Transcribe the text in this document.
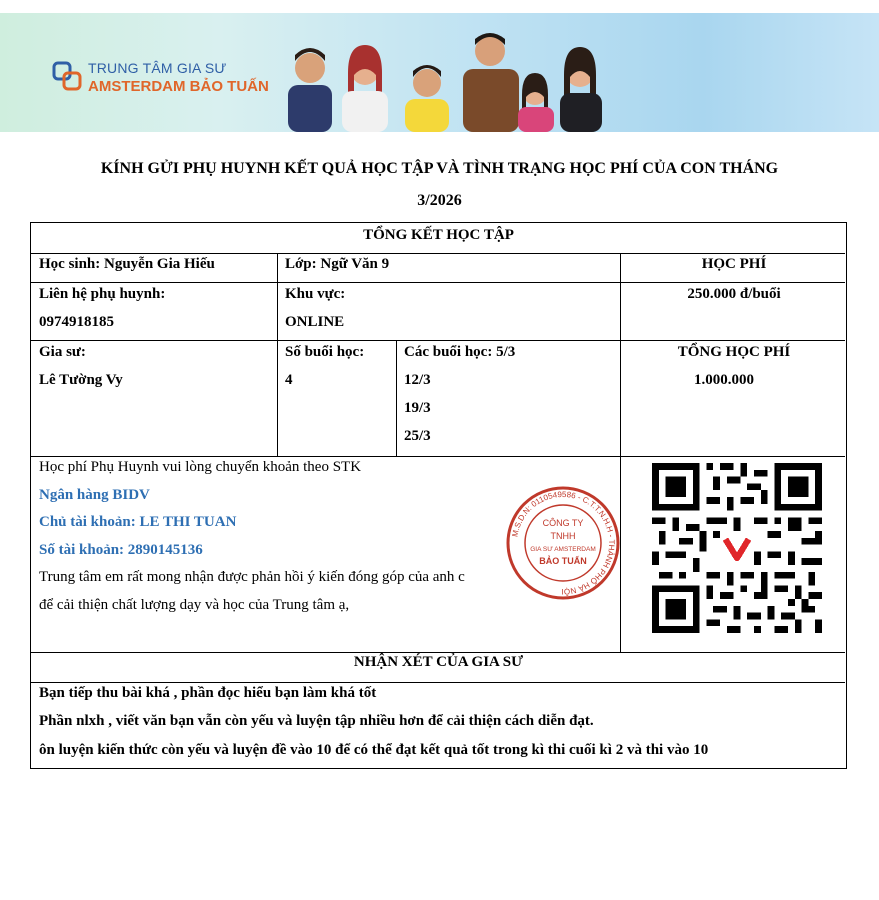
TRUNG TÂM GIA SƯ
AMSTERDAM BẢO TUẤN
KÍNH GỬI PHỤ HUYNH KẾT QUẢ HỌC TẬP VÀ TÌNH TRẠNG HỌC PHÍ CỦA CON THÁNG
3/2026
TỔNG KẾT HỌC TẬP
Học sinh: Nguyễn Gia Hiếu	Lớp: Ngữ Văn 9	HỌC PHÍ
Liên hệ phụ huynh:
0974918185
Khu vực:
ONLINE
250.000 đ/buổi
Gia sư:
Lê Tường Vy
Số buổi học:
4
Các buổi học: 5/3
12/3
19/3
25/3
TỔNG HỌC PHÍ
1.000.000
Học phí Phụ Huynh vui lòng chuyển khoản theo STK
Ngân hàng BIDV
Chủ tài khoản: LE THI TUAN
Số tài khoản: 2890145136
Trung tâm em rất mong nhận được phản hồi ý kiến đóng góp của anh c
để cải thiện chất lượng dạy và học của Trung tâm ạ,
M.S.D.N: 0110549586 - C.T.T.N.H.H - THÀNH PHỐ HÀ NỘI
CÔNG TY
TNHH
GIA SƯ AMSTERDAM
BẢO TUẤN
NHẬN XÉT CỦA GIA SƯ
Bạn tiếp thu bài khá , phần đọc hiểu bạn làm khá tốt
Phần nlxh , viết văn bạn vẫn còn yếu và luyện tập nhiều hơn để cải thiện cách diễn đạt.
ôn luyện kiến thức còn yếu và luyện đề vào 10 để có thể đạt kết quả tốt trong kì thi cuối kì 2 và thi vào 10
